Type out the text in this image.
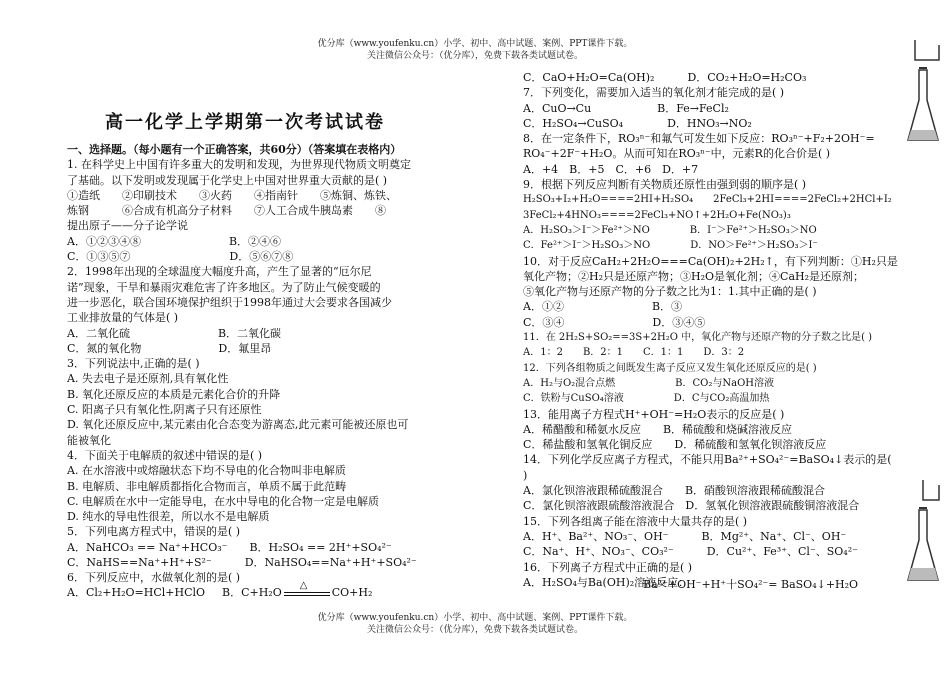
优分库（www.youfenku.cn）小学、初中、高中试题、案例、PPT课件下载。
关注微信公众号：（优分库），免费下载各类试题试卷。
高一化学上学期第一次考试试卷
一、选择题。（每小题有一个正确答案，共60分）（答案填在表格内）
1. 在科学史上中国有许多重大的发明和发现，为世界现代物质文明奠定
了基础。以下发明或发现属于化学史上中国对世界重大贡献的是( )
①造纸　　②印刷技术　　③火药　　④指南针　　⑤炼铜、炼铁、
炼钢　　　⑥合成有机高分子材料　　⑦人工合成牛胰岛素　　⑧
提出原子——分子论学说
A．①②③④⑧　　　　　　　　B．②④⑥
C．①③⑤⑦　　　　　　　　　D．⑤⑥⑦⑧
2．1998年出现的全球温度大幅度升高，产生了显著的“厄尔尼
诺”现象，干旱和暴雨灾难危害了许多地区。为了防止气候变暖的
进一步恶化，联合国环境保护组织于1998年通过大会要求各国减少
工业排放量的气体是( )
A．二氧化硫　　　　　　　　B．二氧化碳
C．氮的氧化物　　　　　　　D．氟里昂
3．下列说法中,正确的是( )
A. 失去电子是还原剂,具有氧化性
B. 氧化还原反应的本质是元素化合价的升降
C. 阳离子只有氧化性,阴离子只有还原性
D. 氧化还原反应中,某元素由化合态变为游离态,此元素可能被还原也可
能被氧化
4．下面关于电解质的叙述中错误的是( )
A. 在水溶液中或熔融状态下均不导电的化合物叫非电解质
B. 电解质、非电解质都指化合物而言，单质不属于此范畴
C. 电解质在水中一定能导电，在水中导电的化合物一定是电解质
D. 纯水的导电性很差，所以水不是电解质
5．下列电离方程式中，错误的是( )
A．NaHCO₃ == Na⁺+HCO₃⁻　　B．H₂SO₄ == 2H⁺+SO₄²⁻
C．NaHS==Na⁺+H⁺+S²⁻　　　D．NaHSO₄==Na⁺+H⁺+SO₄²⁻
6．下列反应中，水做氧化剂的是( )
A．Cl₂+H₂O=HCl+HClO	B．C+H₂O
△
CO+H₂
C．CaO+H₂O=Ca(OH)₂　　　D．CO₂+H₂O=H₂CO₃
7．下列变化，需要加入适当的氧化剂才能完成的是( )
A．CuO→Cu　　　　　　B．Fe→FeCl₂
C．H₂SO₄→CuSO₄　　　　D．HNO₃→NO₂
8．在一定条件下，RO₃ⁿ⁻和氟气可发生如下反应：RO₃ⁿ⁻+F₂+2OH⁻=
RO₄⁻+2F⁻+H₂O。从而可知在RO₃ⁿ⁻中，元素R的化合价是( )
A．+4　B．+5　C．+6　D．+7
9．根据下列反应判断有关物质还原性由强到弱的顺序是( )
H₂SO₃+I₂+H₂O====2HI+H₂SO₄　　2FeCl₃+2HI====2FeCl₂+2HCl+I₂
3FeCl₂+4HNO₃====2FeCl₃+NO↑+2H₂O+Fe(NO₃)₃
A．H₂SO₃＞I⁻＞Fe²⁺＞NO　　　　B．I⁻＞Fe²⁺＞H₂SO₃＞NO
C．Fe²⁺＞I⁻＞H₂SO₃＞NO　　　　D．NO＞Fe²⁺＞H₂SO₃＞I⁻
10．对于反应CaH₂+2H₂O===Ca(OH)₂+2H₂↑，有下列判断：①H₂只是
氧化产物；②H₂只是还原产物；③H₂O是氧化剂；④CaH₂是还原剂；
⑤氧化产物与还原产物的分子数之比为1：1.其中正确的是( )
A．①②　　　　　　　　B．③
C．③④　　　　　　　　D．③④⑤
11．在 2H₂S+SO₂==3S+2H₂O 中，氧化产物与还原产物的分子数之比是( )
A．1：2　　B．2：1　　C．1：1　　D．3：2
12．下列各组物质之间既发生离子反应又发生氧化还原反应的是( )
A．H₂与O₂混合点燃　　　　　　B．CO₂与NaOH溶液
C．铁粉与CuSO₄溶液　　　　　D．C与CO₂高温加热
13．能用离子方程式H⁺+OH⁻=H₂O表示的反应是( )
A．稀醋酸和稀氨水反应　　B．稀硫酸和烧碱溶液反应
C．稀盐酸和氢氧化铜反应　　D．稀硫酸和氢氧化钡溶液反应
14．下列化学反应离子方程式，不能只用Ba²⁺+SO₄²⁻=BaSO₄↓表示的是(
)
A．氯化钡溶液跟稀硫酸混合　　B．硝酸钡溶液跟稀硫酸混合
C．氯化钡溶液跟硫酸溶液混合　D．氢氧化钡溶液跟硫酸铜溶液混合
15．下列各组离子能在溶液中大量共存的是( )
A．H⁺、Ba²⁺、NO₃⁻、OH⁻　　　B．Mg²⁺、Na⁺、Cl⁻、OH⁻
C．Na⁺、H⁺、NO₃⁻、CO₃²⁻　　　D．Cu²⁺、Fe³⁺、Cl⁻、SO₄²⁻
16．下列离子方程式中正确的是( )
A．H₂SO₄与Ba(OH)₂溶液反应：
Ba²⁺+OH⁻+H⁺十SO₄²⁻= BaSO₄↓+H₂O
优分库（www.youfenku.cn）小学、初中、高中试题、案例、PPT课件下载。
关注微信公众号：（优分库），免费下载各类试题试卷。
